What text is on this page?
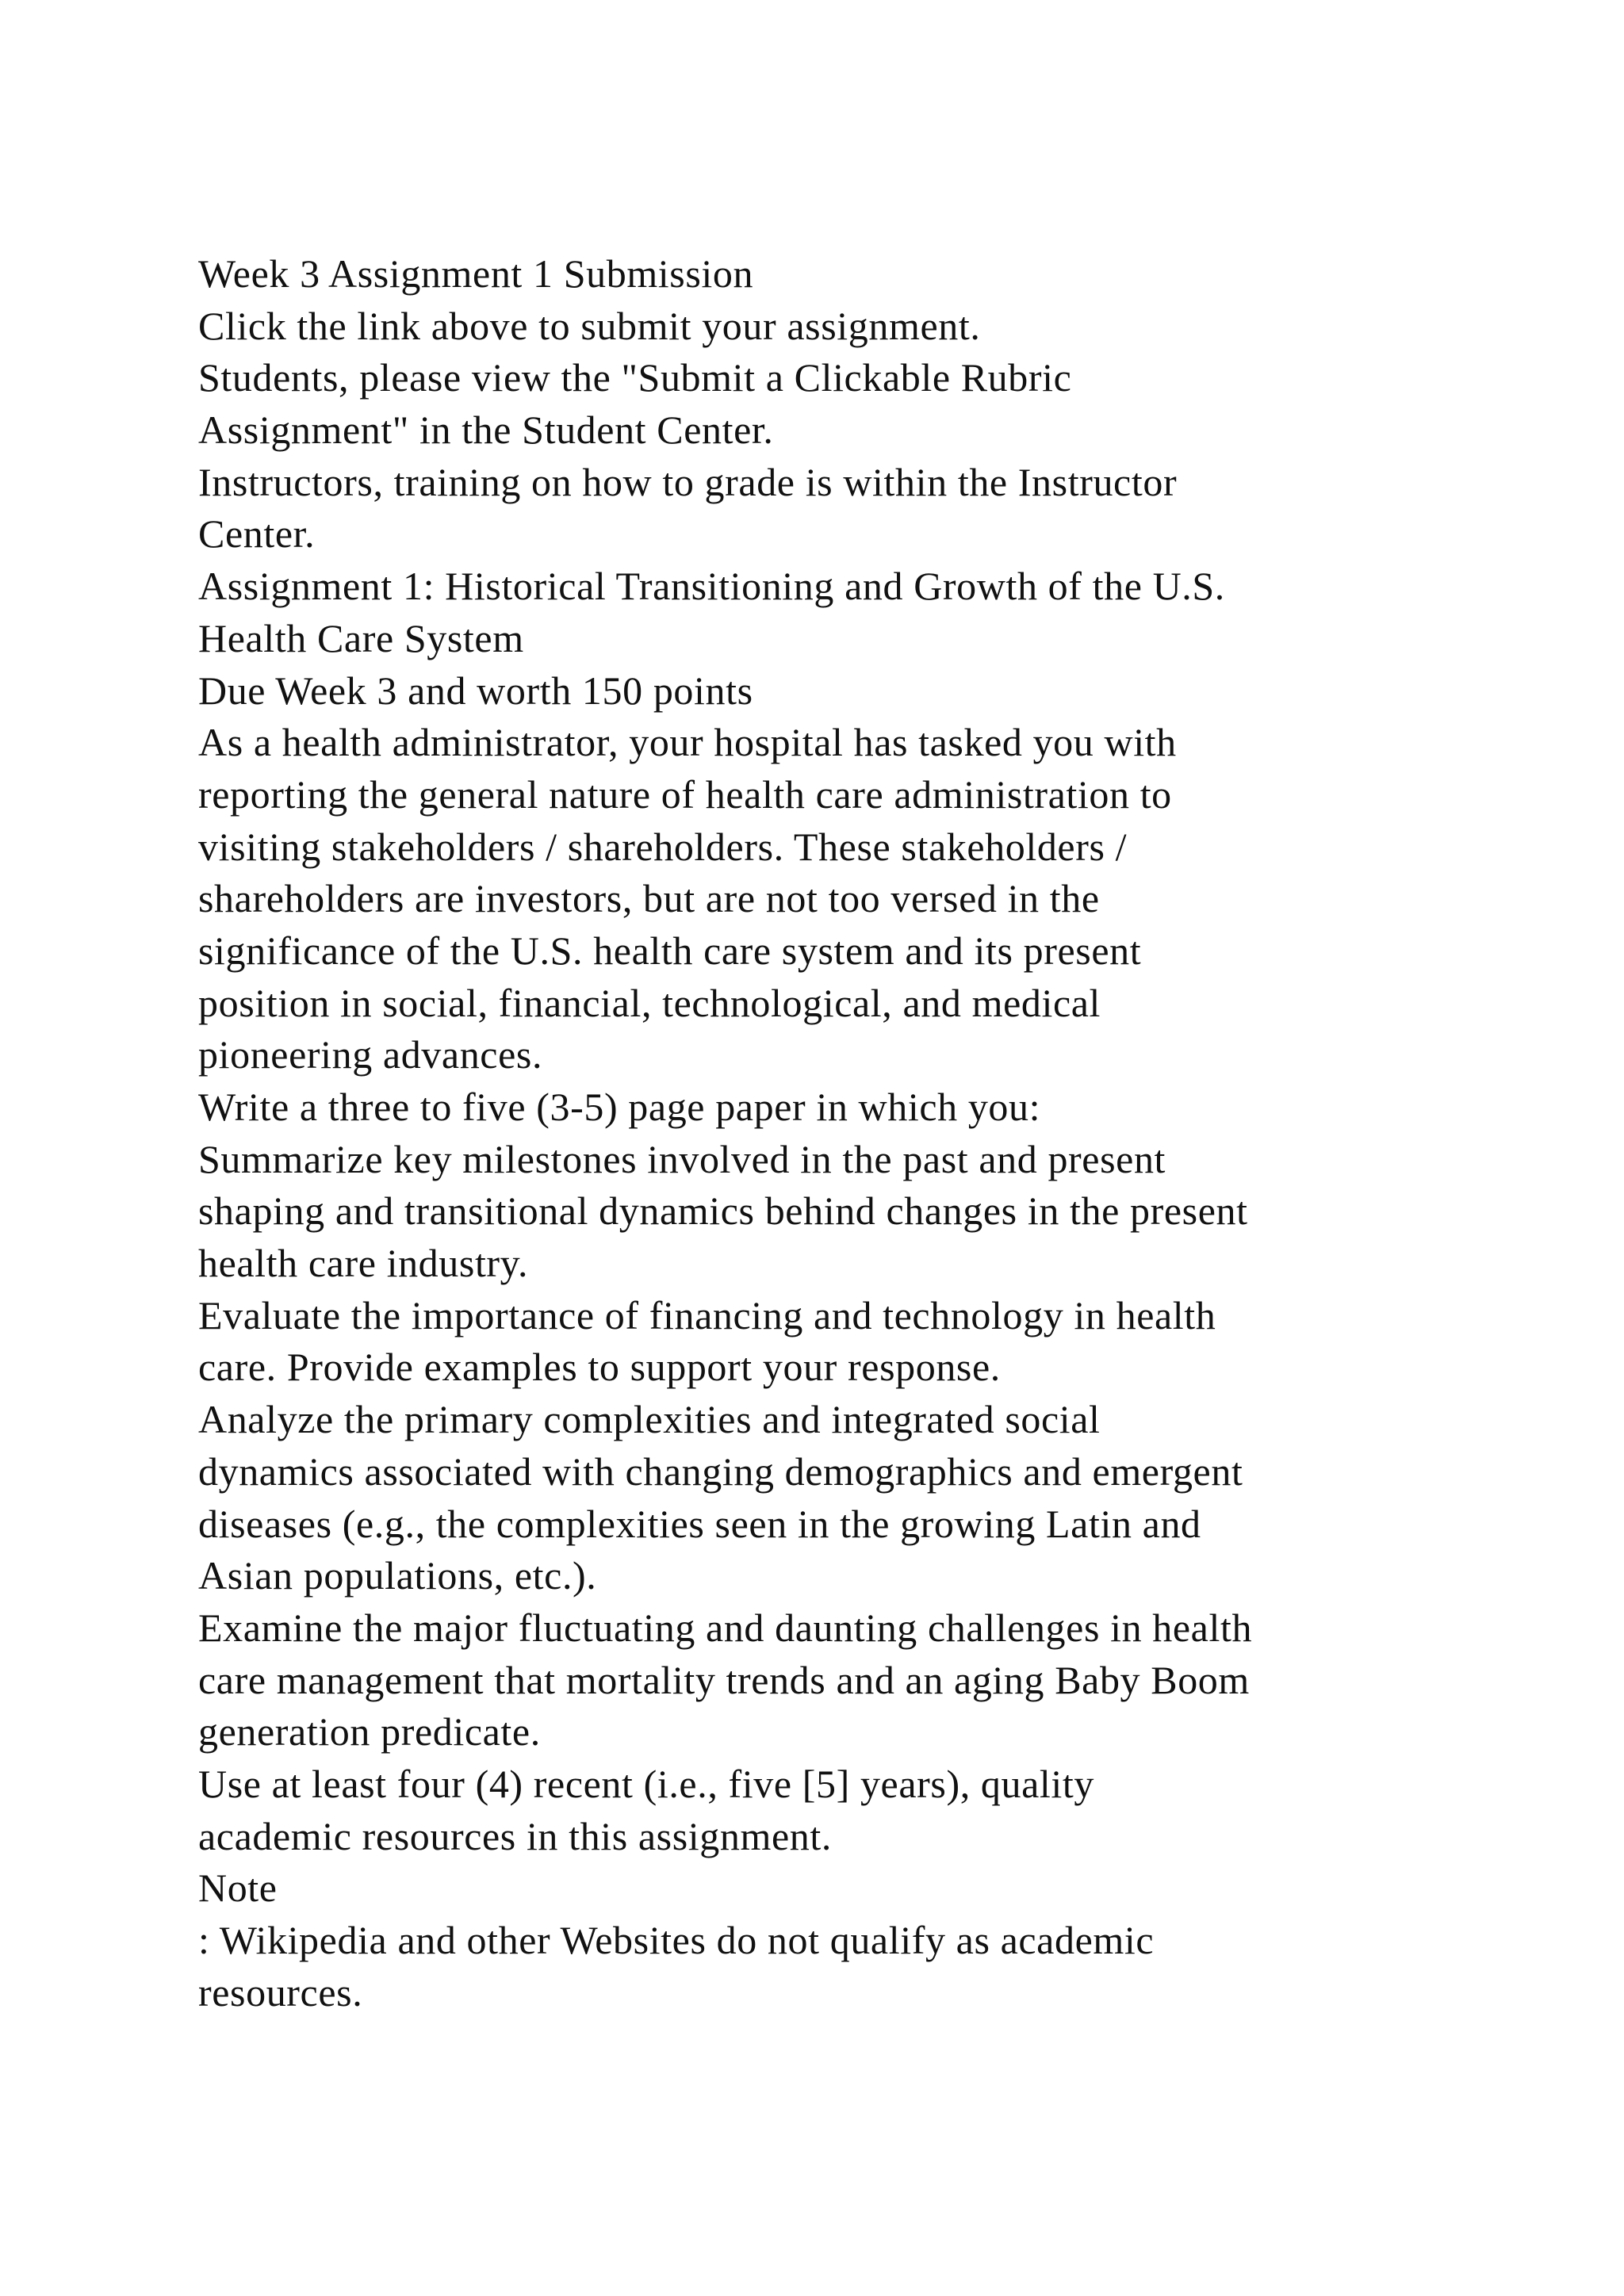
Week 3 Assignment 1 Submission
Click the link above to submit your assignment.
Students, please view the "Submit a Clickable Rubric
Assignment" in the Student Center.
Instructors, training on how to grade is within the Instructor
Center.
Assignment 1: Historical Transitioning and Growth of the U.S.
Health Care System
Due Week 3 and worth 150 points
As a health administrator, your hospital has tasked you with
reporting the general nature of health care administration to
visiting stakeholders / shareholders. These stakeholders /
shareholders are investors, but are not too versed in the
significance of the U.S. health care system and its present
position in social, financial, technological, and medical
pioneering advances.
Write a three to five (3-5) page paper in which you:
Summarize key milestones involved in the past and present
shaping and transitional dynamics behind changes in the present
health care industry.
Evaluate the importance of financing and technology in health
care. Provide examples to support your response.
Analyze the primary complexities and integrated social
dynamics associated with changing demographics and emergent
diseases (e.g., the complexities seen in the growing Latin and
Asian populations, etc.).
Examine the major fluctuating and daunting challenges in health
care management that mortality trends and an aging Baby Boom
generation predicate.
Use at least four (4) recent (i.e., five [5] years), quality
academic resources in this assignment.
Note
: Wikipedia and other Websites do not qualify as academic
resources.
